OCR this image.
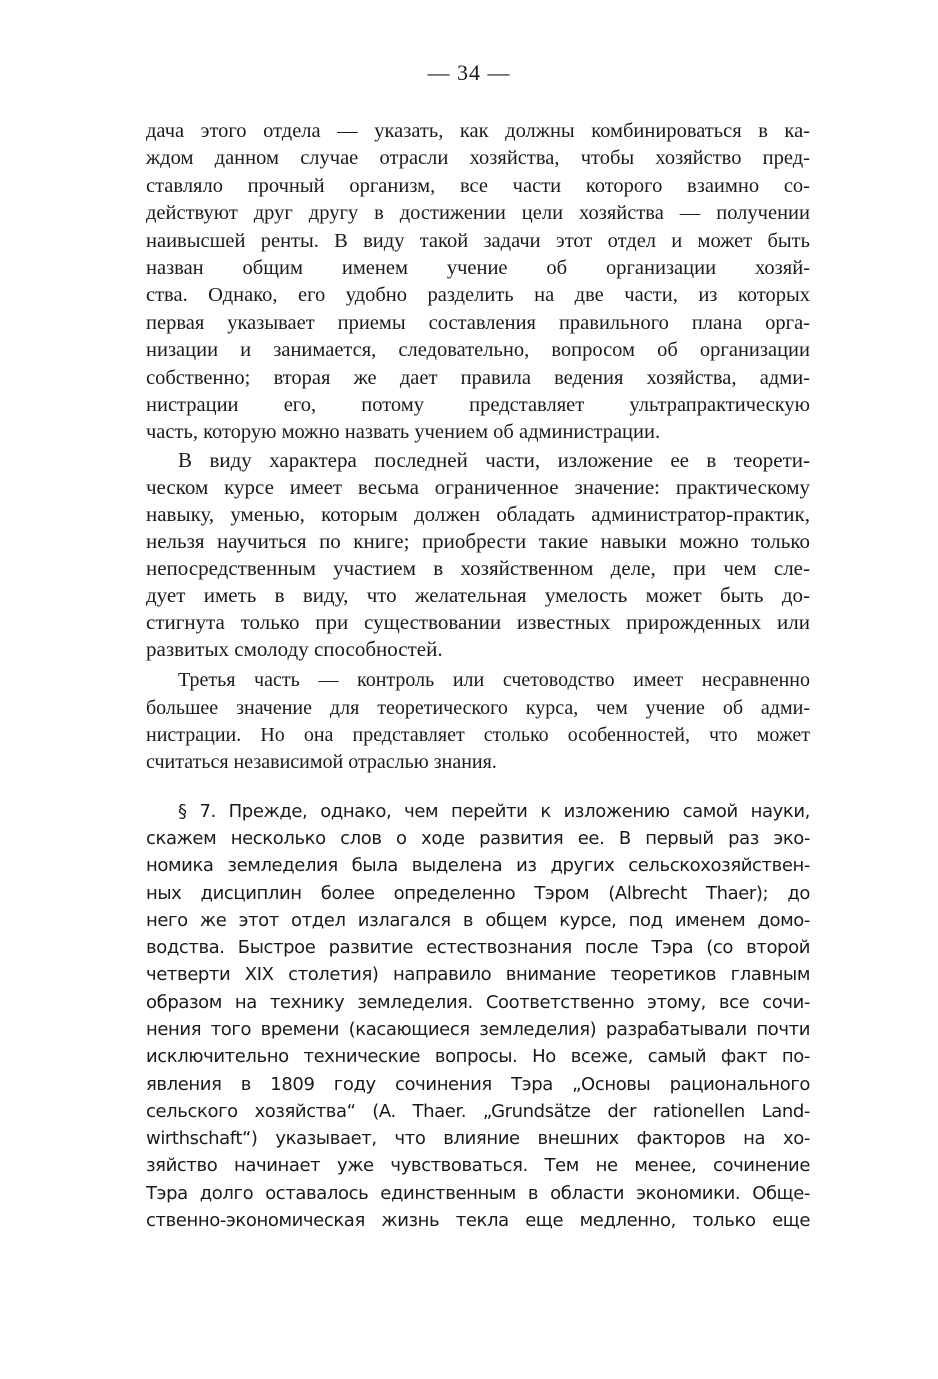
— 34 —
дача этого отдела — указать, как должны комбинироваться в ка-
ждом данном случае отрасли хозяйства, чтобы хозяйство пред-
ставляло прочный организм, все части которого взаимно со-
действуют друг другу в достижении цели хозяйства — получении
наивысшей ренты. В виду такой задачи этот отдел и может быть
назван общим именем учение об организации хозяй-
ства. Однако, его удобно разделить на две части, из которых
первая указывает приемы составления правильного плана орга-
низации и занимается, следовательно, вопросом об организации
собственно; вторая же дает правила ведения хозяйства, адми-
нистрации его, потому представляет ультрапрактическую
часть, которую можно назвать учением об администрации.
В виду характера последней части, изложение ее в теорети-
ческом курсе имеет весьма ограниченное значение: практическому
навыку, уменью, которым должен обладать администратор-практик,
нельзя научиться по книге; приобрести такие навыки можно только
непосредственным участием в хозяйственном деле, при чем сле-
дует иметь в виду, что желательная умелость может быть до-
стигнута только при существовании известных прирожденных или
развитых смолоду способностей.
Третья часть — контроль или счетоводство имеет несравненно
большее значение для теоретического курса, чем учение об адми-
нистрации. Но она представляет столько особенностей, что может
считаться независимой отраслью знания.
§ 7. Прежде, однако, чем перейти к изложению самой науки,
скажем несколько слов о ходе развития ее. В первый раз эко-
номика земледелия была выделена из других сельскохозяйствен-
ных дисциплин более определенно Тэром (Albrecht Thaer); до
него же этот отдел излагался в общем курсе, под именем домо-
водства. Быстрое развитие естествознания после Тэра (со второй
четверти XIX столетия) направило внимание теоретиков главным
образом на технику земледелия. Соответственно этому, все сочи-
нения того времени (касающиеся земледелия) разрабатывали почти
исключительно технические вопросы. Но всеже, самый факт по-
явления в 1809 году сочинения Тэра „Основы рационального
сельского хозяйства“ (A. Thaer. „Grundsätze der rationellen Land-
wirthschaft“) указывает, что влияние внешних факторов на хо-
зяйство начинает уже чувствоваться. Тем не менее, сочинение
Тэра долго оставалось единственным в области экономики. Обще-
ственно-экономическая жизнь текла еще медленно, только еще
